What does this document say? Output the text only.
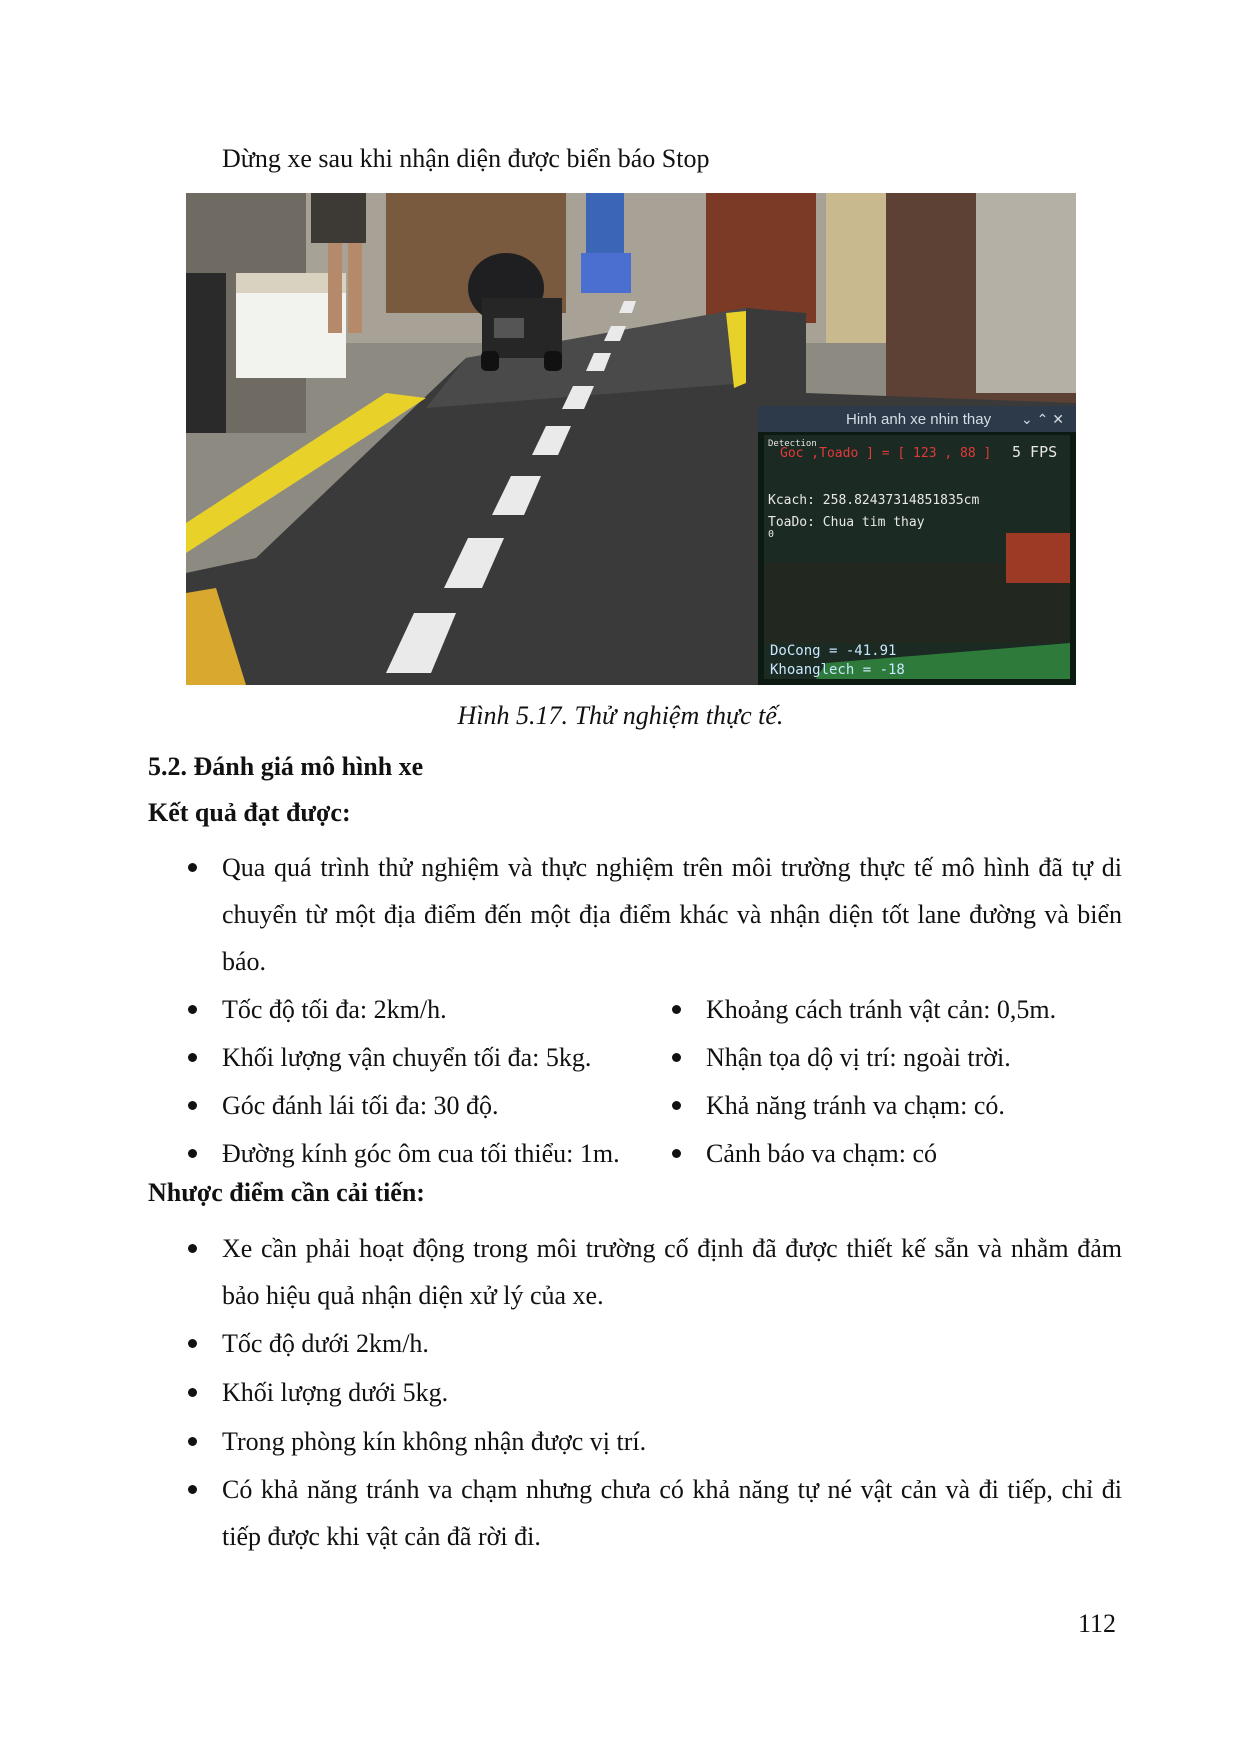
Dừng xe sau khi nhận diện được biển báo Stop
Hinh anh xe nhin thay ⌄ ⌃ ✕
Detection
Goc ,Toado ] = [ 123 , 88 ] 5 FPS
Kcach: 258.82437314851835cm
ToaDo: Chua tim thay
0
DoCong = -41.91
Khoanglech = -18
Hình 5.17. Thử nghiệm thực tế.
5.2. Đánh giá mô hình xe
Kết quả đạt được:
Qua quá trình thử nghiệm và thực nghiệm trên môi trường thực tế mô hình đã tự di chuyển từ một địa điểm đến một địa điểm khác và nhận diện tốt lane đường và biển báo.
Tốc độ tối đa: 2km/h.
Khối lượng vận chuyển tối đa: 5kg.
Góc đánh lái tối đa: 30 độ.
Đường kính góc ôm cua tối thiểu: 1m.
Khoảng cách tránh vật cản: 0,5m.
Nhận tọa dộ vị trí: ngoài trời.
Khả năng tránh va chạm: có.
Cảnh báo va chạm: có
Nhược điểm cần cải tiến:
Xe cần phải hoạt động trong môi trường cố định đã được thiết kế sẵn và nhằm đảm bảo hiệu quả nhận diện xử lý của xe.
Tốc độ dưới 2km/h.
Khối lượng dưới 5kg.
Trong phòng kín không nhận được vị trí.
Có khả năng tránh va chạm nhưng chưa có khả năng tự né vật cản và đi tiếp, chỉ đi tiếp được khi vật cản đã rời đi.
112
